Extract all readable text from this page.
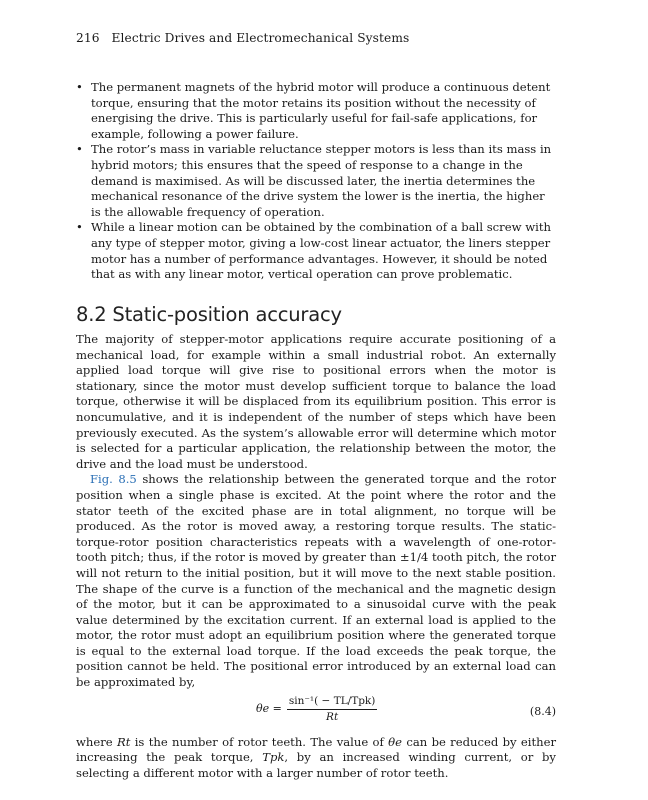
216 Electric Drives and Electromechanical Systems
• The permanent magnets of the hybrid motor will produce a continuous detent torque, ensuring that the motor retains its position without the necessity of energising the drive. This is particularly useful for fail-safe applications, for example, following a power failure.
• The rotor’s mass in variable reluctance stepper motors is less than its mass in hybrid motors; this ensures that the speed of response to a change in the demand is maximised. As will be discussed later, the inertia determines the mechanical resonance of the drive system the lower is the inertia, the higher is the allowable frequency of operation.
• While a linear motion can be obtained by the combination of a ball screw with any type of stepper motor, giving a low-cost linear actuator, the liners stepper motor has a number of performance advantages. However, it should be noted that as with any linear motor, vertical operation can prove problematic.
8.2 Static-position accuracy

The majority of stepper-motor applications require accurate positioning of a mechanical load, for example within a small industrial robot. An externally applied load torque will give rise to positional errors when the motor is stationary, since the motor must develop sufficient torque to balance the load torque, otherwise it will be displaced from its equilibrium position. This error is noncumulative, and it is independent of the number of steps which have been previously executed. As the system’s allowable error will determine which motor is selected for a particular application, the relationship between the motor, the drive and the load must be understood.

Fig. 8.5 shows the relationship between the generated torque and the rotor position when a single phase is excited. At the point where the rotor and the stator teeth of the excited phase are in total alignment, no torque will be produced. As the rotor is moved away, a restoring torque results. The static-torque-rotor position characteristics repeats with a wavelength of one-rotor-tooth pitch; thus, if the rotor is moved by greater than ±1/4 tooth pitch, the rotor will not return to the initial position, but it will move to the next stable position. The shape of the curve is a function of the mechanical and the magnetic design of the motor, but it can be approximated to a sinusoidal curve with the peak value determined by the excitation current. If an external load is applied to the motor, the rotor must adopt an equilibrium position where the generated torque is equal to the external load torque. If the load exceeds the peak torque, the position cannot be held. The positional error introduced by an external load can be approximated by,

$\theta e = \frac{\text{sin⁻¹( − TL/Tpk)}}{Rt}$	(8.4)

where Rt is the number of rotor teeth. The value of θe can be reduced by either increasing the peak torque, Tpk, by an increased winding current, or by selecting a different motor with a larger number of rotor teeth.
